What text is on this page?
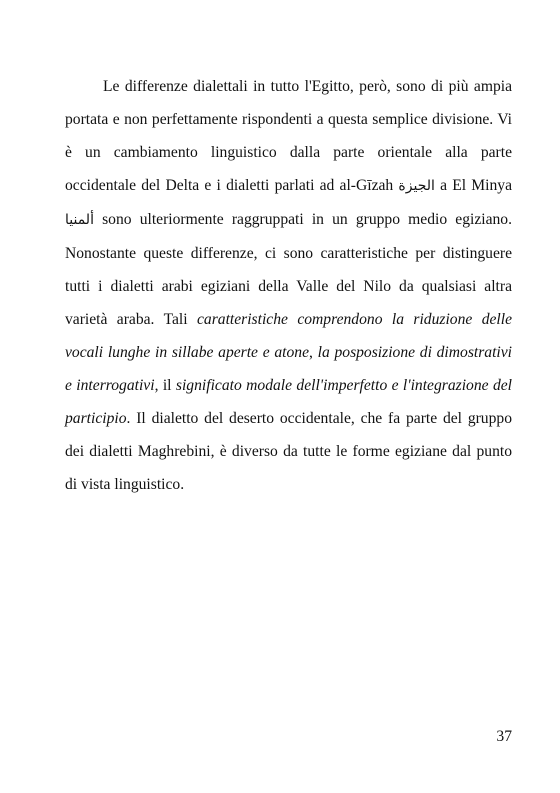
Le differenze dialettali in tutto l'Egitto, però, sono di più ampia portata e non perfettamente rispondenti a questa semplice divisione. Vi è un cambiamento linguistico dalla parte orientale alla parte occidentale del Delta e i dialetti parlati ad al-Gīzah الجيزة a El Minya ألمنيا sono ulteriormente raggruppati in un gruppo medio egiziano. Nonostante queste differenze, ci sono caratteristiche per distinguere tutti i dialetti arabi egiziani della Valle del Nilo da qualsiasi altra varietà araba. Tali caratteristiche comprendono la riduzione delle vocali lunghe in sillabe aperte e atone, la posposizione di dimostrativi e interrogativi, il significato modale dell'imperfetto e l'integrazione del participio. Il dialetto del deserto occidentale, che fa parte del gruppo dei dialetti Maghrebini, è diverso da tutte le forme egiziane dal punto di vista linguistico.

37
